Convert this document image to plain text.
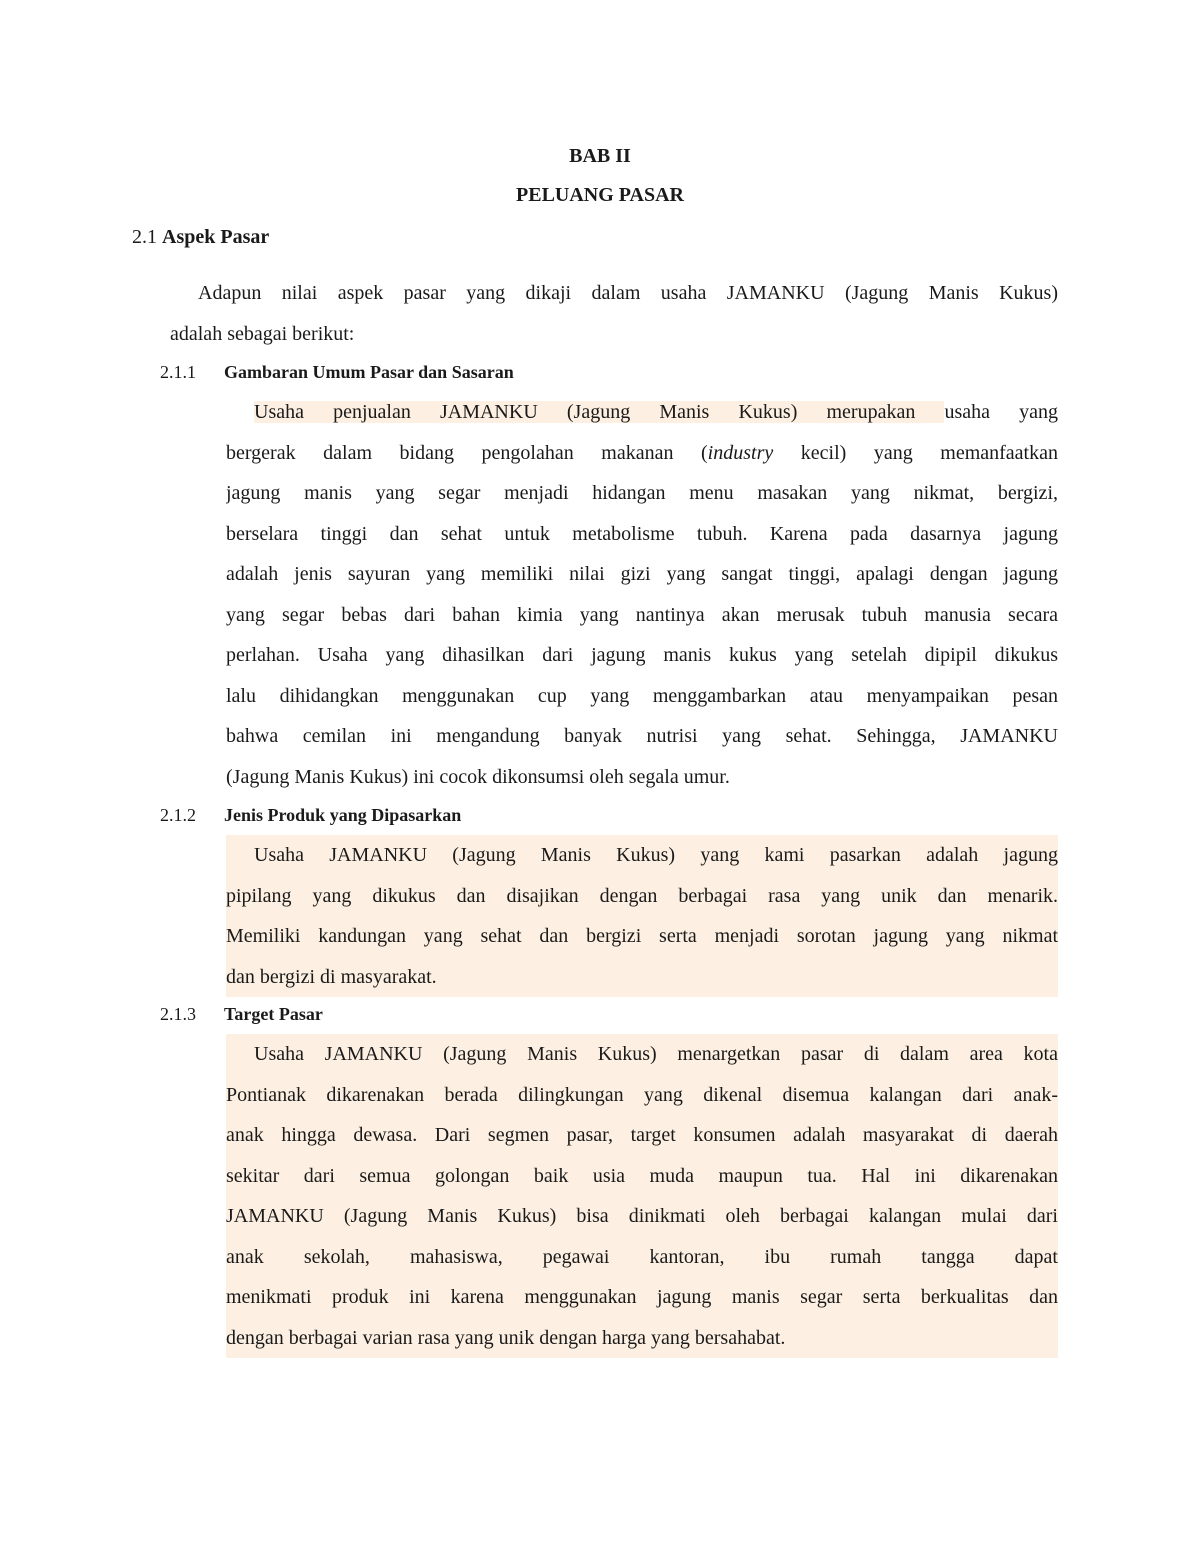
BAB II
PELUANG PASAR
2.1 Aspek Pasar
Adapun nilai aspek pasar yang dikaji dalam usaha JAMANKU (Jagung Manis Kukus)
adalah sebagai berikut:
2.1.1 Gambaran Umum Pasar dan Sasaran
Usaha penjualan JAMANKU (Jagung Manis Kukus) merupakan usaha yang
bergerak dalam bidang pengolahan makanan (industry kecil) yang memanfaatkan
jagung manis yang segar menjadi hidangan menu masakan yang nikmat, bergizi,
berselara tinggi dan sehat untuk metabolisme tubuh. Karena pada dasarnya jagung
adalah jenis sayuran yang memiliki nilai gizi yang sangat tinggi, apalagi dengan jagung
yang segar bebas dari bahan kimia yang nantinya akan merusak tubuh manusia secara
perlahan. Usaha yang dihasilkan dari jagung manis kukus yang setelah dipipil dikukus
lalu dihidangkan menggunakan cup yang menggambarkan atau menyampaikan pesan
bahwa cemilan ini mengandung banyak nutrisi yang sehat. Sehingga, JAMANKU
(Jagung Manis Kukus) ini cocok dikonsumsi oleh segala umur.
2.1.2 Jenis Produk yang Dipasarkan
Usaha JAMANKU (Jagung Manis Kukus) yang kami pasarkan adalah jagung
pipilang yang dikukus dan disajikan dengan berbagai rasa yang unik dan menarik.
Memiliki kandungan yang sehat dan bergizi serta menjadi sorotan jagung yang nikmat
dan bergizi di masyarakat.
2.1.3 Target Pasar
Usaha JAMANKU (Jagung Manis Kukus) menargetkan pasar di dalam area kota
Pontianak dikarenakan berada dilingkungan yang dikenal disemua kalangan dari anak-
anak hingga dewasa. Dari segmen pasar, target konsumen adalah masyarakat di daerah
sekitar dari semua golongan baik usia muda maupun tua. Hal ini dikarenakan
JAMANKU (Jagung Manis Kukus) bisa dinikmati oleh berbagai kalangan mulai dari
anak sekolah, mahasiswa, pegawai kantoran, ibu rumah tangga dapat
menikmati produk ini karena menggunakan jagung manis segar serta berkualitas dan
dengan berbagai varian rasa yang unik dengan harga yang bersahabat.
